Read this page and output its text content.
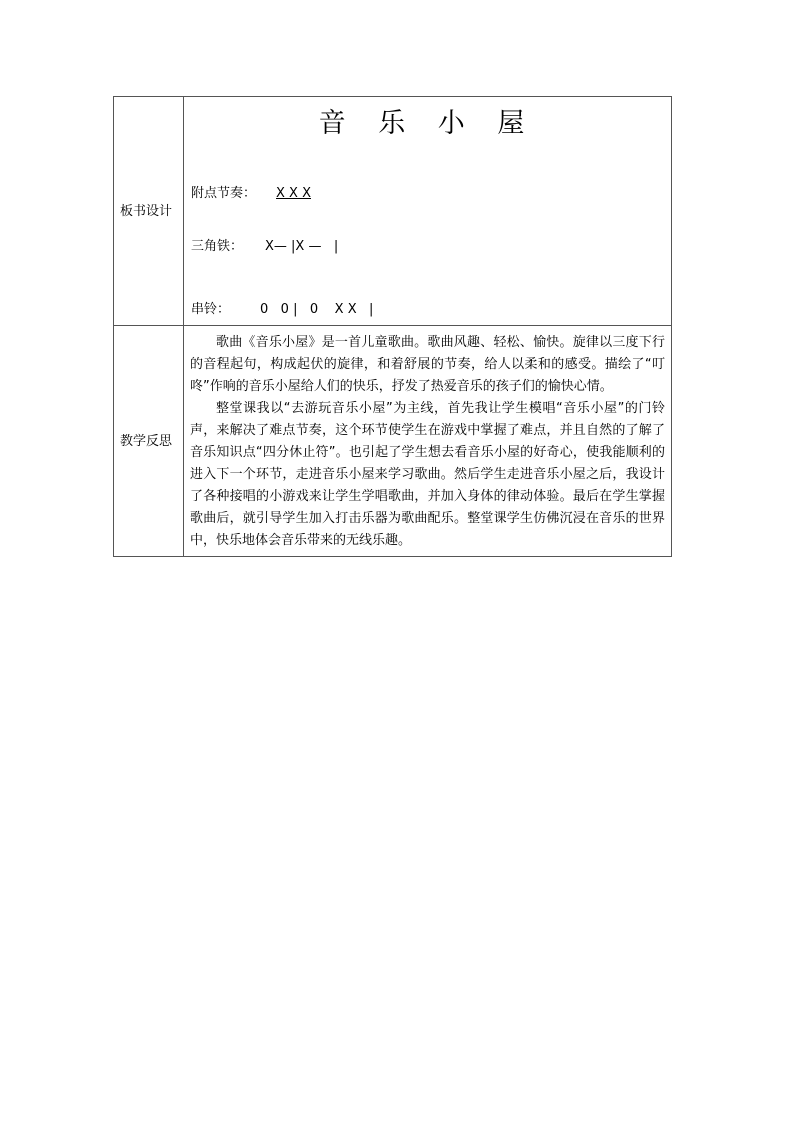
板书设计	音 乐 小 屋
附点节奏： X X X
三角铁： X— |X —   |
串铃： 0   0 |   0    X X   |

教学反思	歌曲《音乐小屋》是一首儿童歌曲。歌曲风趣、轻松、愉快。旋律以三度下行的音程起句，构成起伏的旋律，和着舒展的节奏，给人以柔和的感受。描绘了“叮咚”作响的音乐小屋给人们的快乐，抒发了热爱音乐的孩子们的愉快心情。

整堂课我以“去游玩音乐小屋”为主线，首先我让学生模唱“音乐小屋”的门铃声，来解决了难点节奏，这个环节使学生在游戏中掌握了难点，并且自然的了解了音乐知识点“四分休止符”。也引起了学生想去看音乐小屋的好奇心，使我能顺利的进入下一个环节，走进音乐小屋来学习歌曲。然后学生走进音乐小屋之后，我设计了各种接唱的小游戏来让学生学唱歌曲，并加入身体的律动体验。最后在学生掌握歌曲后，就引导学生加入打击乐器为歌曲配乐。整堂课学生仿佛沉浸在音乐的世界中，快乐地体会音乐带来的无线乐趣。
